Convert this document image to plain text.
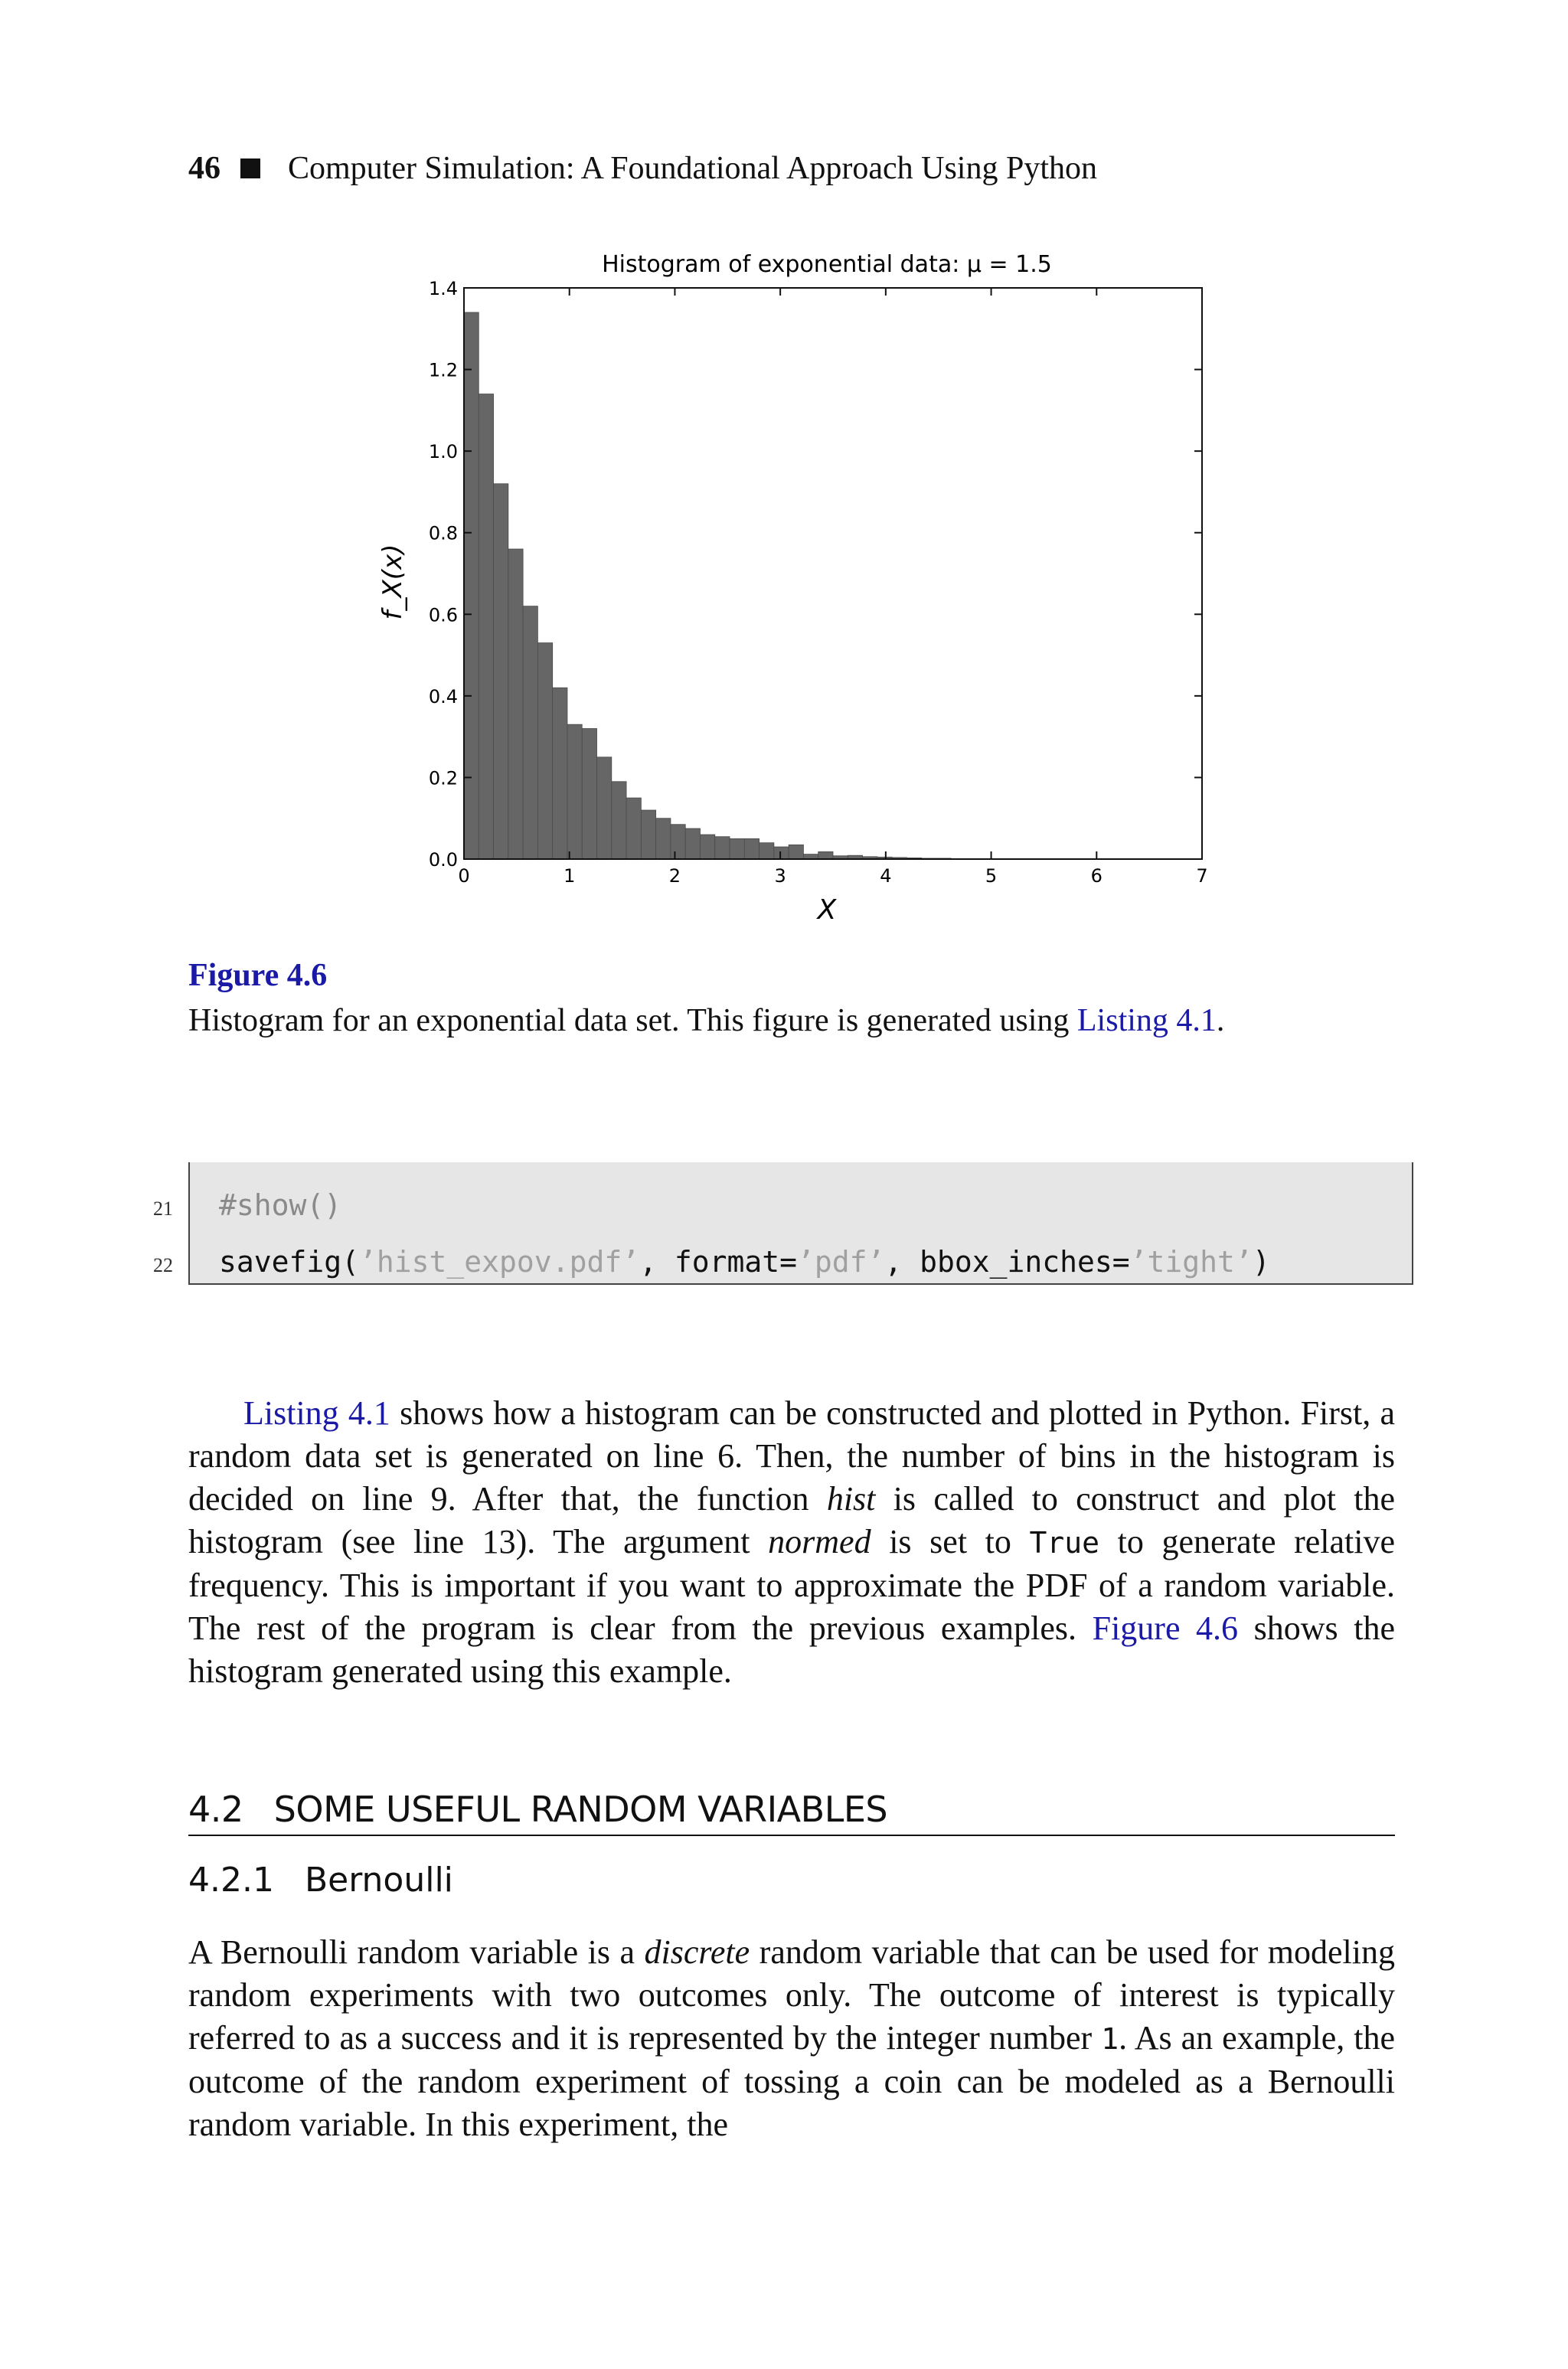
46 Computer Simulation: A Foundational Approach Using Python
Histogram of exponential data: μ = 1.5
0.0
0.2
0.4
0.6
0.8
1.0
1.2
1.4
0	1	2	3	4	5	6	7
X
f_X(x)
Figure 4.6
Histogram for an exponential data set. This figure is generated using Listing 4.1.
21
22
#show()
savefig(’hist_expov.pdf’, format=’pdf’, bbox_inches=’tight’)
Listing 4.1 shows how a histogram can be constructed and plotted in Python. First, a random data set is generated on line 6. Then, the number of bins in the histogram is decided on line 9. After that, the function hist is called to construct and plot the histogram (see line 13). The argument normed is set to True to generate relative frequency. This is important if you want to approximate the PDF of a random variable. The rest of the program is clear from the previous examples. Figure 4.6 shows the histogram generated using this example.
4.2 SOME USEFUL RANDOM VARIABLES
4.2.1 Bernoulli
A Bernoulli random variable is a discrete random variable that can be used for modeling random experiments with two outcomes only. The outcome of interest is typically referred to as a success and it is represented by the integer number 1. As an example, the outcome of the random experiment of tossing a coin can be modeled as a Bernoulli random variable. In this experiment, the
